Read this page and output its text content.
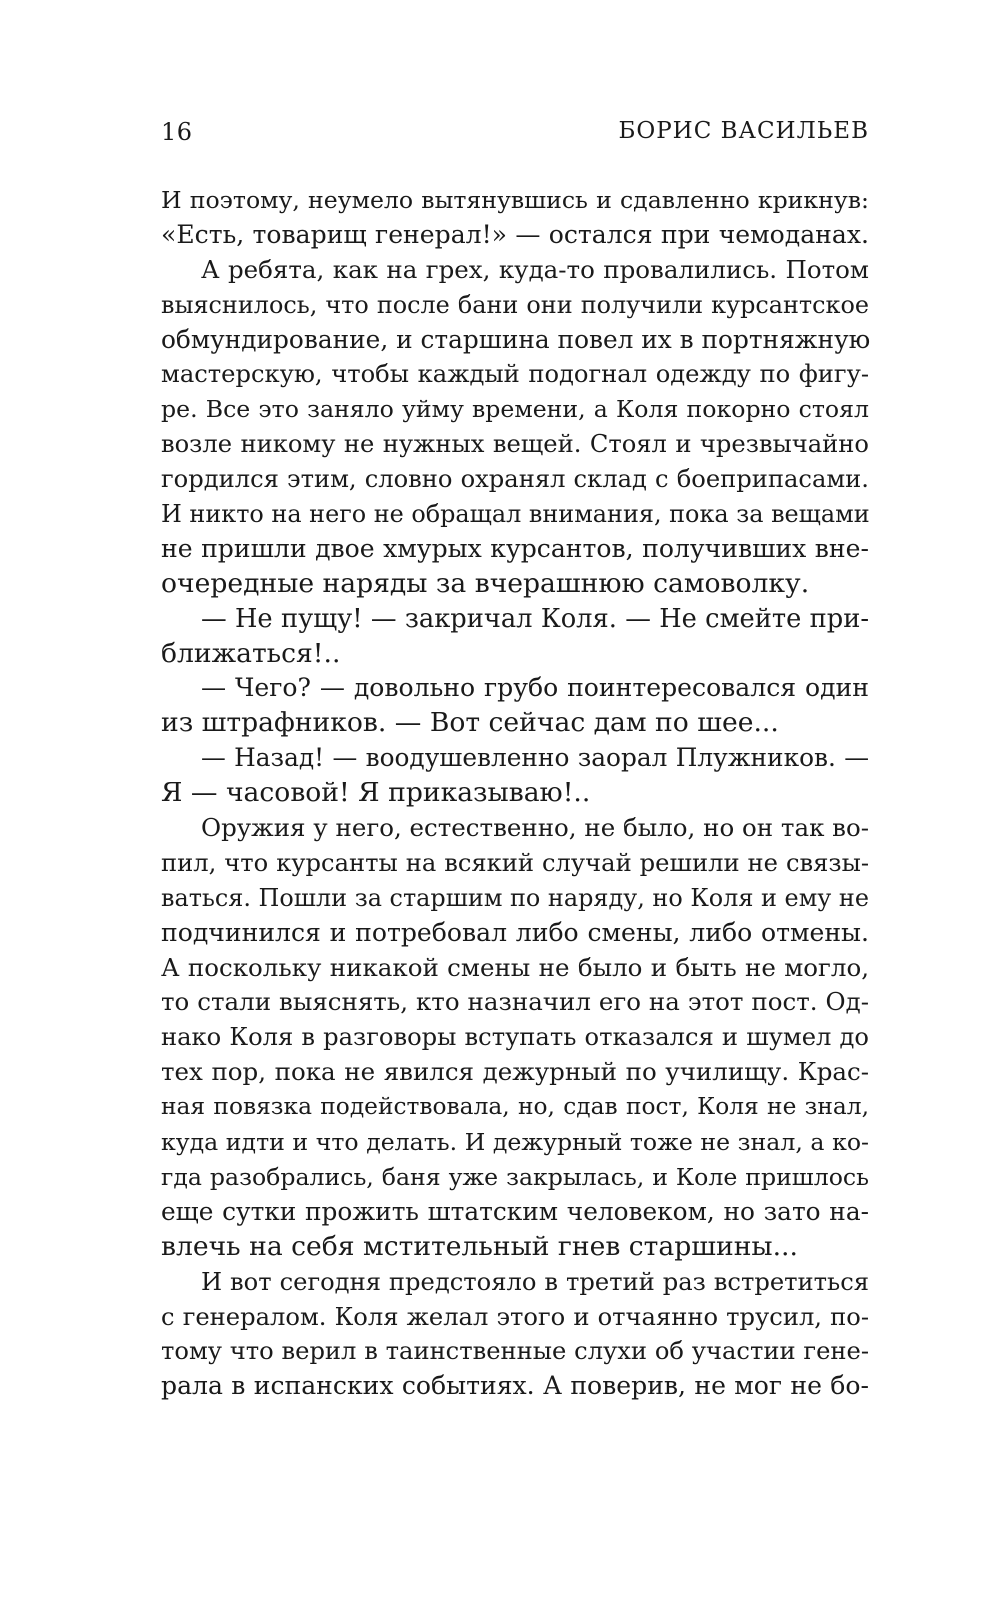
16	БОРИС ВАСИЛЬЕВ
И поэтому, неумело вытянувшись и сдавленно крикнув:
«Есть, товарищ генерал!» — остался при чемоданах.
А ребята, как на грех, куда-то провалились. Потом
выяснилось, что после бани они получили курсантское
обмундирование, и старшина повел их в портняжную
мастерскую, чтобы каждый подогнал одежду по фигу-
ре. Все это заняло уйму времени, а Коля покорно стоял
возле никому не нужных вещей. Стоял и чрезвычайно
гордился этим, словно охранял склад с боеприпасами.
И никто на него не обращал внимания, пока за вещами
не пришли двое хмурых курсантов, получивших вне-
очередные наряды за вчерашнюю самоволку.
— Не пущу! — закричал Коля. — Не смейте при-
ближаться!..
— Чего? — довольно грубо поинтересовался один
из штрафников. — Вот сейчас дам по шее...
— Назад! — воодушевленно заорал Плужников. —
Я — часовой! Я приказываю!..
Оружия у него, естественно, не было, но он так во-
пил, что курсанты на всякий случай решили не связы-
ваться. Пошли за старшим по наряду, но Коля и ему не
подчинился и потребовал либо смены, либо отмены.
А поскольку никакой смены не было и быть не могло,
то стали выяснять, кто назначил его на этот пост. Од-
нако Коля в разговоры вступать отказался и шумел до
тех пор, пока не явился дежурный по училищу. Крас-
ная повязка подействовала, но, сдав пост, Коля не знал,
куда идти и что делать. И дежурный тоже не знал, а ко-
гда разобрались, баня уже закрылась, и Коле пришлось
еще сутки прожить штатским человеком, но зато на-
влечь на себя мстительный гнев старшины...
И вот сегодня предстояло в третий раз встретиться
с генералом. Коля желал этого и отчаянно трусил, по-
тому что верил в таинственные слухи об участии гене-
рала в испанских событиях. А поверив, не мог не бо-
